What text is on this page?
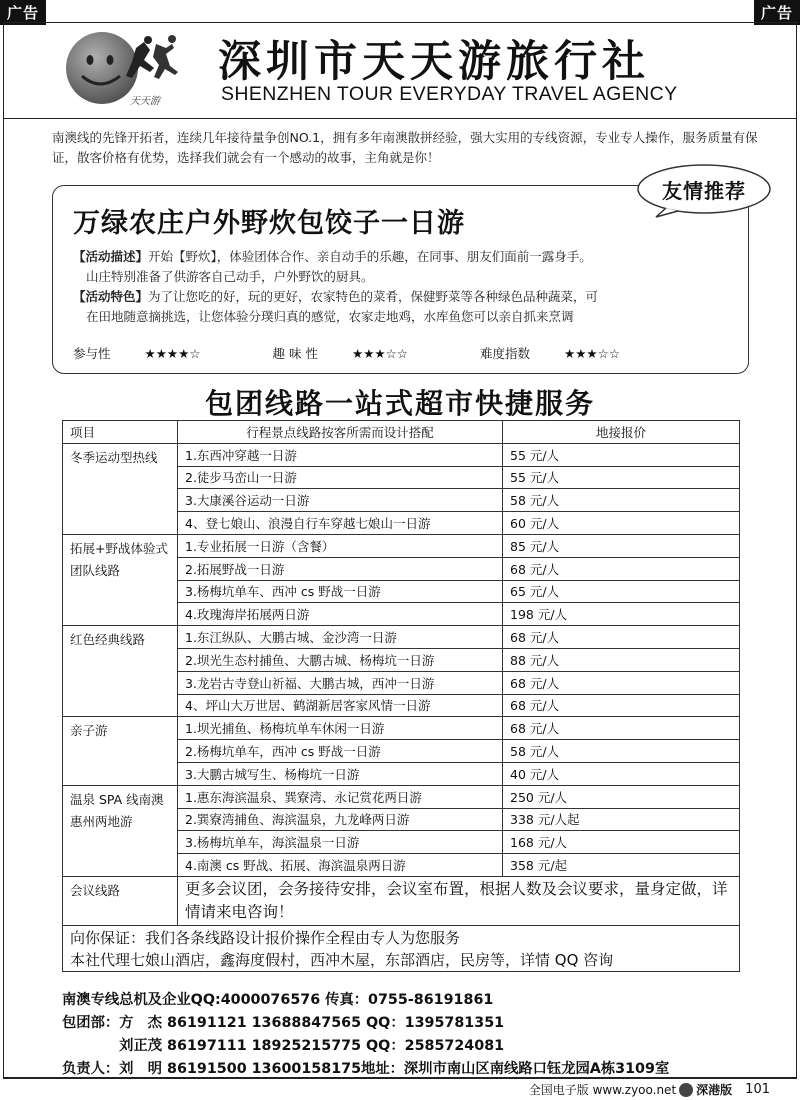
广告	广告
天天游
深圳市天天游旅行社
SHENZHEN TOUR EVERYDAY TRAVEL AGENCY
南澳线的先锋开拓者，连续几年接待量争创NO.1，拥有多年南澳散拼经验，强大实用的专线资源，专业专人操作，服务质量有保证，散客价格有优势，选择我们就会有一个感动的故事，主角就是你！
万绿农庄户外野炊包饺子一日游

【活动描述】开始【野炊】，体验团体合作、亲自动手的乐趣，在同事、朋友们面前一露身手。

山庄特别准备了供游客自己动手，户外野饮的厨具。

【活动特色】为了让您吃的好，玩的更好，农家特色的菜肴，保健野菜等各种绿色品种蔬菜，可

在田地随意摘挑选，让您体验分璞归真的感觉，农家走地鸡，水库鱼您可以亲自抓来烹调

参与性	★★★★☆	趣 味 性	★★★☆☆	难度指数	★★★☆☆
友情推荐
包团线路一站式超市快捷服务
项目	行程景点线路按客所需而设计搭配	地接报价
冬季运动型热线	1.东西冲穿越一日游	55 元/人
	2.徒步马峦山一日游	55 元/人
	3.大康溪谷运动一日游	58 元/人
	4、登七娘山、浪漫自行车穿越七娘山一日游	60 元/人
拓展+野战体验式团队线路	1.专业拓展一日游（含餐）	85 元/人
	2.拓展野战一日游	68 元/人
	3.杨梅坑单车、西冲 cs 野战一日游	65 元/人
	4.玫瑰海岸拓展两日游	198 元/人
红色经典线路	1.东江纵队、大鹏古城、金沙湾一日游	68 元/人
	2.坝光生态村捕鱼、大鹏古城、杨梅坑一日游	88 元/人
	3.龙岩古寺登山祈福、大鹏古城，西冲一日游	68 元/人
	4、坪山大万世居、鹤湖新居客家风情一日游	68 元/人
亲子游	1.坝光捕鱼、杨梅坑单车休闲一日游	68 元/人
	2.杨梅坑单车，西冲 cs 野战一日游	58 元/人
	3.大鹏古城写生、杨梅坑一日游	40 元/人
温泉 SPA 线南澳惠州两地游	1.惠东海滨温泉、巽寮湾、永记赏花两日游	250 元/人
	2.巽寮湾捕鱼、海滨温泉，九龙峰两日游	338 元/人起
	3.杨梅坑单车，海滨温泉一日游	168 元/人
	4.南澳 cs 野战、拓展、海滨温泉两日游	358 元/起
会议线路	更多会议团，会务接待安排，会议室布置，根据人数及会议要求，量身定做，详情请来电咨询！	
向你保证：我们各条线路设计报价操作全程由专人为您服务
本社代理七娘山酒店，鑫海度假村，西冲木屋，东部酒店，民房等，详情 QQ 咨询
南澳专线总机及企业QQ:4000076576 传真：0755-86191861
包团部：方　杰 86191121 13688847565 QQ：1395781351
　　　　刘正茂 86197111 18925215775 QQ：2585724081
负责人：刘　明 86191500 13600158175地址：深圳市南山区南线路口钰龙园A栋3109室
全国电子版 www.zyoo.net 深港版 101
